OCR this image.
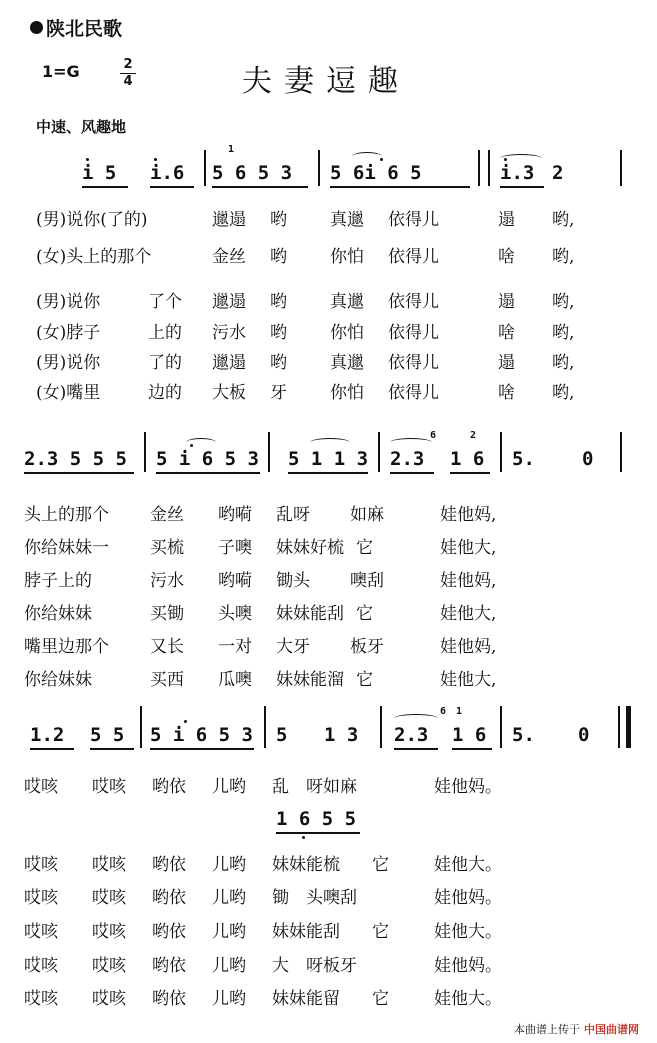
陕北民歌
1=G	2
4	夫妻逗趣
中速、风趣地
i 5 i.6 5 6 5 3 5 6i 6 5	i.3 2
1
(男)说你(了的)	邋遢 哟	真邋 依得儿	遢 哟,
(女)头上的那个	金丝 哟	你怕 依得儿	啥 哟,
(男)说你	了个 邋遢 哟	真邋 依得儿	遢 哟,
(女)脖子	上的 污水 哟	你怕 依得儿	啥 哟,
(男)说你	了的 邋遢 哟	真邋 依得儿	遢 哟,
(女)嘴里	边的 大板 牙	你怕 依得儿	啥 哟,
2.3 5 5 5 5 i 6 5 3 5 1 1 3 2.3 1 6 5. 0
6	2
头上的那个 金丝 哟嗬 乱呀 如麻	娃他妈,
你给妹妹一 买梳 子噢 妹妹好梳 它	娃他大,
脖子上的	污水 哟嗬 锄头 噢刮	娃他妈,
你给妹妹	买锄 头噢 妹妹能刮 它	娃他大,
嘴里边那个 又长 一对 大牙 板牙	娃他妈,
你给妹妹	买西 瓜噢 妹妹能溜 它	娃他大,
1.2 5 5 5 i 6 5 3 5 1 3 2.3 1 6 5. 0
6 1
哎咳 哎咳 哟依 儿哟 乱 呀如麻	娃他妈。
1 6 5 5
哎咳 哎咳 哟依 儿哟 妹妹能梳 它	娃他大。
哎咳 哎咳 哟依 儿哟 锄 头噢刮	娃他妈。
哎咳 哎咳 哟依 儿哟 妹妹能刮 它	娃他大。
哎咳 哎咳 哟依 儿哟 大 呀板牙	娃他妈。
哎咳 哎咳 哟依 儿哟 妹妹能留 它	娃他大。
本曲谱上传于 中国曲谱网
